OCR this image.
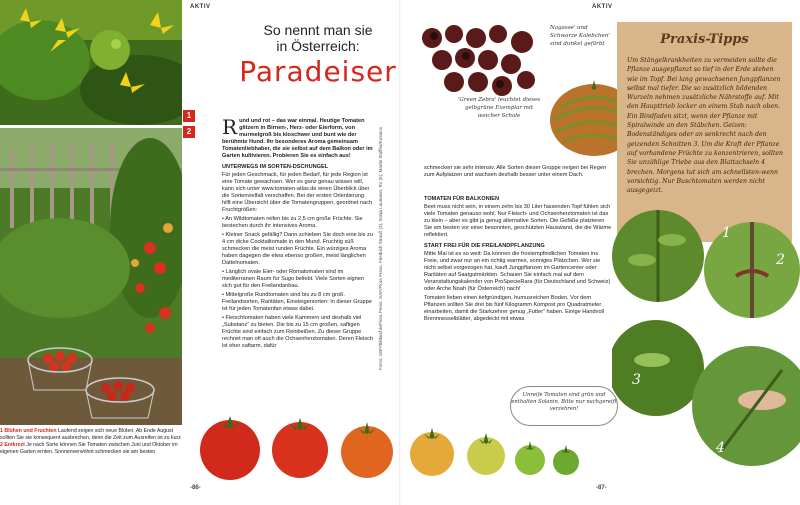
AKTIV
1
2
1 Blühen und Fruchten Laufend zeigen sich neue Blüten. Ab Ende August sollten Sie sie konsequent ausbrechen, denn die Zeit zum Ausreifen ist zu kurz
2 Entkrezt Je nach Sorte können Sie Tomaten zwischen Juni und Oktober im eigenen Garten ernten. Sonnenverwöhnt schmecken sie am besten
So nennt man sie
in Österreich:
Paradeiser
R und und rot – das war einmal. Heutige Tomaten glitzern in Birnen-, Herz- oder Eierform, von murmelgroß bis kloschwer und bunt wie der berühmte Hund. Ihr besonderes Aroma gemeinsam Tomatenliebhaber, die sie selbst auf dem Balkon oder im Garten kultivieren. Probieren Sie es einfach aus!

UNTERWEGS IM SORTEN-DSCHUNGEL

Für jeden Geschmack, für jeden Bedarf, für jede Region ist eine Tomate gewachsen. Wer es ganz genau wissen will, kann sich unter www.tomaten-atlas.de einen Überblick über die Sortenvielfalt verschaffen. Bei der ersten Orientierung hilft eine Übersicht über die Tomatengruppen, geordnet nach Fruchtgrößen:

• An Wildtomaten reifen bis zu 2,5 cm große Früchte. Sie bestechen durch ihr intensives Aroma.

• Kleiner Snack gefällig? Dann schieben Sie doch eine bis zu 4 cm dicke Cocktailtomate in den Mund. Fruchtig süß schmecken die meist runden Früchte. Ein würziges Aroma haben dagegen die etwa ebenso großen, meist länglichen Dattelnomaten.

• Länglich ovale Eier- oder Romatomaten sind im mediterranen Raum für Sugo beliebt. Viele Sorten eignen sich gut für den Freilandanbau.

• Mittelgroße Rundtomaten sind bis zu 8 cm groß. Freilandsorten, Raritäten, Einsteigersorten: In dieser Gruppe ist für jeden Tomatenfan etwas dabei.

• Fleischtomaten haben viele Kammern und deshalb viel „Substanz“ zu bieten. Die bis zu 15 cm großen, saftigen Früchte sind einfach zum Reinbeißen. Zu dieser Gruppe rechnet man oft auch die Ochsenherztomaten. Deren Fleisch ist eher saftarm, dafür	Fotos: GBP/Bildarchiv/Flora Press, GAP/Flora Press, Friedrich Strauß (3), Sonja Laumann, Ro (5), Martin Staffler/Kosmos
-86-
AKTIV
Nagasse' und Schwarze Kalebchen' sind dunkel gefärbt
'Green Zebra' leuchtet dieses gelbgrüne Exemplar mit weicher Schale

schmecken sie sehr intensiv. Alle Sorten dieser Gruppe neigen bei Regen zum Aufplatzen und wachsen deshalb besser unter einem Dach.

TOMATEN FÜR BALKONIEN

Beet muss nicht sein, in einem zehn bis 30 Liter fassenden Topf fühlen sich viele Tomaten genauso wohl. Nur Fleisch- und Ochsenherztomaten ist das zu klein – aber es gibt ja genug alternative Sorten. Die Gefäße platzieren Sie am besten vor einer besonnten, geschützten Hauswand, die die Wärme reflektiert.

START FREI FÜR DIE FREILANDPFLANZUNG

Mitte Mai ist es so weit: Da können die frostempfindlichen Tomaten ins Freie, und zwar nur an ein richtig warmes, sonniges Plätzchen. Wer sie nicht selbst vorgezogen hat, kauft Jungpflanzen im Gartencenter oder Raritäten auf Saatgutmärkten. Schauen Sie einfach mal auf dem Veranstaltungskalender von ProSpecieRara (für Deutschland und Schweiz) oder Arche Noah (für Österreich) nach!

Tomaten lieben einen tiefgründigen, humusreichen Boden. Vor dem Pflanzen sollten Sie drei bis fünf Kilogramm Kompost pro Quadratmeter einarbeiten, damit die Starkzehrer genug „Futter“ haben. Einige Handvoll Brennnesselblätter, abgedeckt mit etwas

Praxis-Tipps
Um Stängelkrankheiten zu vermeiden sollte die Pflanze ausgepflanzt so tief in der Erde stehen wie im Topf. Bei lang gewachsenen Jungpflanzen selbst mal tiefer. Die so zusätzlich bildenden Wurzeln nehmen zusätzliche Nährstoffe auf. Mit den Haupttrieb locker an einem Stab nach oben. Ein Bindfaden sitzt, wenn der Pflanze mit Spiralwinde an den Stäbchen. Geizen: Bodenständiges oder an senkrecht nach den geizenden Schnitten 3. Um die Kraft der Pflanze auf vorhandene Früchte zu konzentrieren, sollten Sie unzählige Triebe aus den Blattachseln 4 brechen. Morgens tut sich am schnellsten-wenn vorsichtig. Nur Buschtomaten werden nicht ausgegeizt.
1
2
3
4
Unreife Tomaten sind grün und enthalten Solanin. Bitte nur nachgereift verzehren!
-87-
